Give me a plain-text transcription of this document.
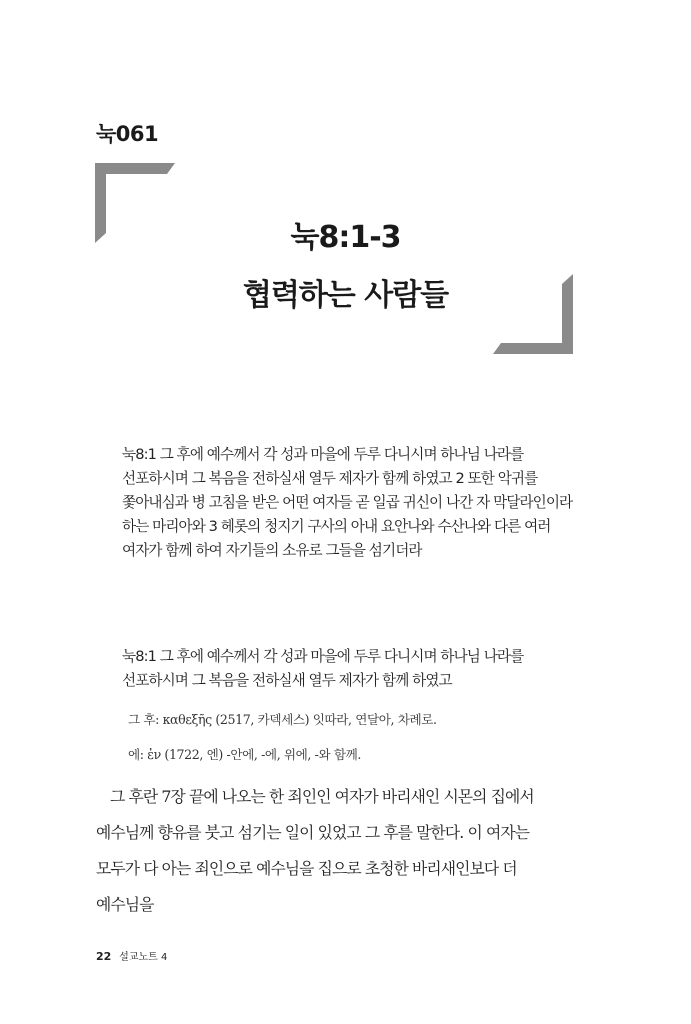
눅061
눅8:1-3
협력하는 사람들
눅8:1 그 후에 예수께서 각 성과 마을에 두루 다니시며 하나님 나라를 선포하시며 그 복음을 전하실새 열두 제자가 함께 하였고 2 또한 악귀를 쫓아내심과 병 고침을 받은 어떤 여자들 곧 일곱 귀신이 나간 자 막달라인이라 하는 마리아와 3 헤롯의 청지기 구사의 아내 요안나와 수산나와 다른 여러 여자가 함께 하여 자기들의 소유로 그들을 섬기더라
눅8:1 그 후에 예수께서 각 성과 마을에 두루 다니시며 하나님 나라를 선포하시며 그 복음을 전하실새 열두 제자가 함께 하였고
그 후: καθεξῆς (2517, 카덱세스) 잇따라, 연달아, 차례로.
에: ἐν (1722, 엔) -안에, -에, 위에, -와 함께.
그 후란 7장 끝에 나오는 한 죄인인 여자가 바리새인 시몬의 집에서 예수님께 향유를 붓고 섬기는 일이 있었고 그 후를 말한다. 이 여자는 모두가 다 아는 죄인으로 예수님을 집으로 초청한 바리새인보다 더 예수님을
22 설교노트 4
